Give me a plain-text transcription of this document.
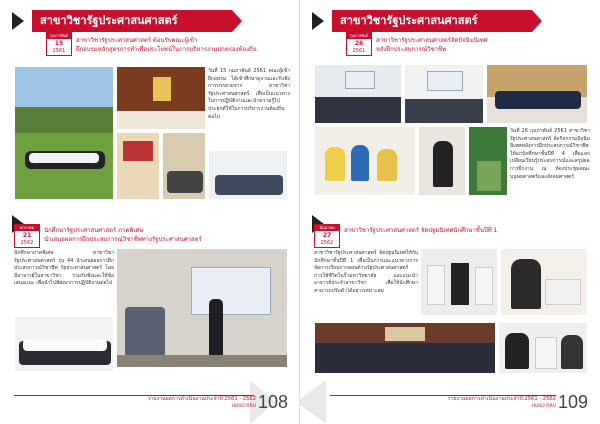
สาขาวิชารัฐประศาสนศาสตร์
กุมภาพันธ์
15
2561
สาขาวิชารัฐประศาสนศาสตร์ ต้อนรับคณะผู้เข้า
ฝึกอบรมหลักสูตรการทำเพื่อประโยชน์ในการบริหารงานปกครองท้องถิ่น
วันที่ 15 กุมภาพันธ์ 2561 คณะผู้เข้าฝึกอบรม ได้เข้าศึกษาดูงานและรับฟังการบรรยายจาก สาขาวิชารัฐประศาสนศาสตร์ เพื่อเป็นแนวทางในการปฏิบัติงานและนำความรู้ไปประยุกต์ใช้ในการบริหารงานท้องถิ่นต่อไป
มกราคม
21
2562
นักศึกษารัฐประศาสนศาสตร์ ภาคพิเศษ
นำเสนอผลการฝึกประสบการณ์วิชาชีพทางรัฐประศาสนศาสตร์
นักศึกษาภาคพิเศษ สาขาวิชารัฐประศาสนศาสตร์ รุ่น 44 นำเสนอผลการฝึกประสบการณ์วิชาชีพ รัฐประศาสนศาสตร์ โดยมีอาจารย์ในสาขาวิชา ร่วมรับฟังและให้ข้อเสนอแนะ เพื่อนำไปพัฒนาการปฏิบัติงานต่อไป
รายงานผลการดำเนินงานประจำปี 2561 - 2562
HUSO RRU 108
สาขาวิชารัฐประศาสนศาสตร์
กุมภาพันธ์
26
2561
สาขาวิชารัฐประศาสนศาสตร์จัดปัจฉิมนิเทศ
หลังฝึกประสบการณ์วิชาชีพ
วันที่ 26 กุมภาพันธ์ 2561 สาขาวิชารัฐประศาสนศาสตร์ จัดกิจกรรมปัจฉิมนิเทศหลังการฝึกประสบการณ์วิชาชีพ ให้แก่นักศึกษาชั้นปีที่ 4 เพื่อแลกเปลี่ยนเรียนรู้ประสบการณ์และสรุปผลการฝึกงาน ณ ห้องประชุมคณะมนุษยศาสตร์และสังคมศาสตร์
มิถุนายน
27
2562
สาขาวิชารัฐประศาสนศาสตร์ จัดปฐมนิเทศนักศึกษาชั้นปีที่ 1
สาขาวิชารัฐประศาสนศาสตร์ จัดปฐมนิเทศให้กับนักศึกษาชั้นปีที่ 1 เพื่อเป็นการแนะแนวทางการจัดการเรียนการสอนด้านรัฐประศาสนศาสตร์ การใช้ชีวิตในรั้วมหาวิทยาลัย และแนะนำอาจารย์ประจำสาขาวิชา เพื่อให้นักศึกษาสามารถปรับตัวได้อย่างเหมาะสม
รายงานผลการดำเนินงานประจำปี 2561 - 2562
HUSO RRU 109
